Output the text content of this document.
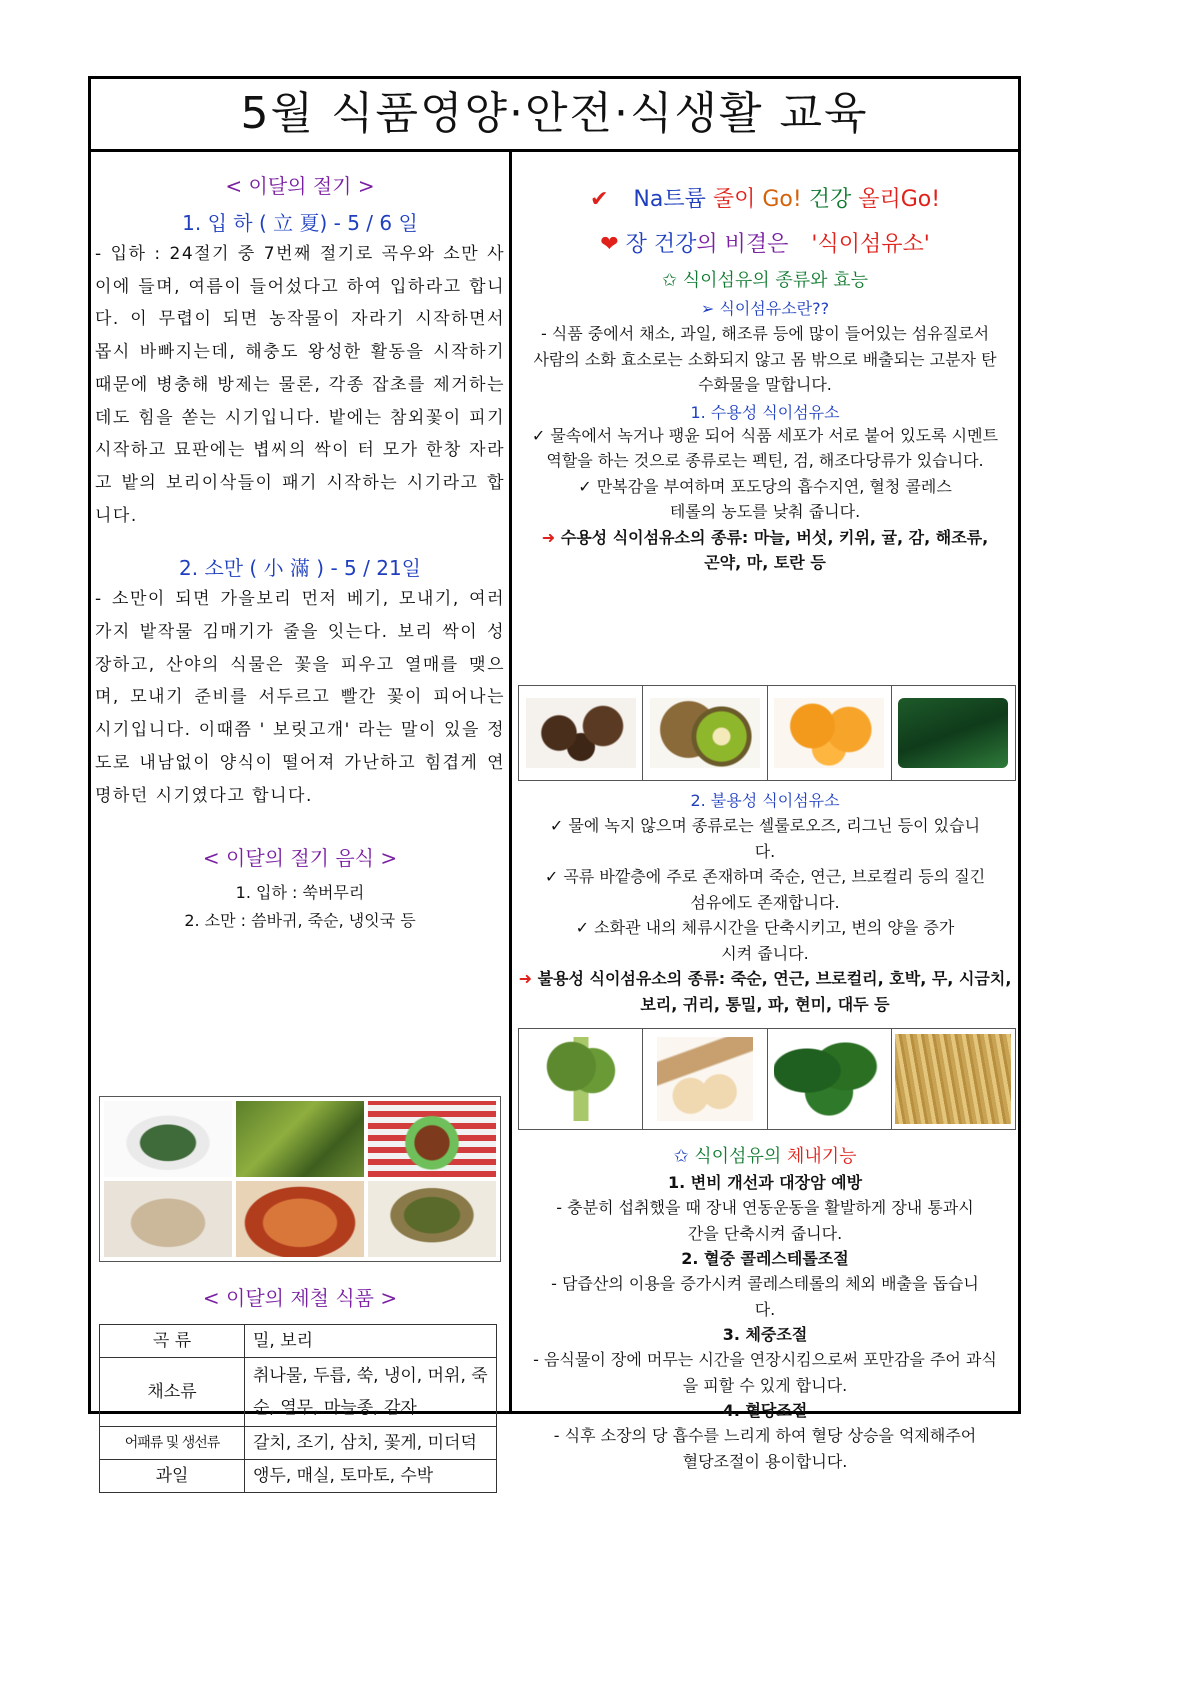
5월 식품영양·안전·식생활 교육
< 이달의 절기 >
1. 입 하 ( 立 夏) - 5 / 6 일
- 입하 : 24절기 중 7번째 절기로 곡우와 소만 사이에 들며, 여름이 들어섰다고 하여 입하라고 합니다. 이 무렵이 되면 농작물이 자라기 시작하면서 몹시 바빠지는데, 해충도 왕성한 활동을 시작하기 때문에 병충해 방제는 물론, 각종 잡초를 제거하는 데도 힘을 쏟는 시기입니다. 밭에는 참외꽃이 피기 시작하고 묘판에는 볍씨의 싹이 터 모가 한창 자라고 밭의 보리이삭들이 패기 시작하는 시기라고 합니다.
2. 소만 ( 小 滿 ) - 5 / 21일
- 소만이 되면 가을보리 먼저 베기, 모내기, 여러 가지 밭작물 김매기가 줄을 잇는다. 보리 싹이 성장하고, 산야의 식물은 꽃을 피우고 열매를 맺으며, 모내기 준비를 서두르고 빨간 꽃이 피어나는 시기입니다. 이때쯤 ' 보릿고개' 라는 말이 있을 정도로 내남없이 양식이 떨어져 가난하고 힘겹게 연명하던 시기였다고 합니다.
< 이달의 절기 음식 >
1. 입하 : 쑥버무리
2. 소만 : 씀바귀, 죽순, 냉잇국 등
< 이달의 제철 식품 >
곡 류	밀, 보리
채소류	취나물, 두릅, 쑥, 냉이, 머위, 죽순, 열무, 마늘종, 감자
어패류 및 생선류	갈치, 조기, 삼치, 꽃게, 미더덕
과일	앵두, 매실, 토마토, 수박
✔ Na트륨 줄이 Go! 건강 올리Go!
❤ 장 건강의 비결은 '식이섬유소'
✩ 식이섬유의 종류와 효능
➢ 식이섬유소란??
- 식품 중에서 채소, 과일, 해조류 등에 많이 들어있는 섬유질로서 사람의 소화 효소로는 소화되지 않고 몸 밖으로 배출되는 고분자 탄수화물을 말합니다.
1. 수용성 식이섬유소
✓ 물속에서 녹거나 팽윤 되어 식품 세포가 서로 붙어 있도록 시멘트 역할을 하는 것으로 종류로는 펙틴, 검, 해조다당류가 있습니다.
✓ 만복감을 부여하며 포도당의 흡수지연, 혈청 콜레스테롤의 농도를 낮춰 줍니다.
➜ 수용성 식이섬유소의 종류: 마늘, 버섯, 키위, 귤, 감, 해조류, 곤약, 마, 토란 등
2. 불용성 식이섬유소
✓ 물에 녹지 않으며 종류로는 셀룰로오즈, 리그닌 등이 있습니다.
✓ 곡류 바깥층에 주로 존재하며 죽순, 연근, 브로컬리 등의 질긴 섬유에도 존재합니다.
✓ 소화관 내의 체류시간을 단축시키고, 변의 양을 증가시켜 줍니다.
➜ 불용성 식이섬유소의 종류: 죽순, 연근, 브로컬리, 호박, 무, 시금치, 보리, 귀리, 통밀, 파, 현미, 대두 등
✩ 식이섬유의 체내기능
1. 변비 개선과 대장암 예방
- 충분히 섭취했을 때 장내 연동운동을 활발하게 장내 통과시간을 단축시켜 줍니다.
2. 혈중 콜레스테롤조절
- 담즙산의 이용을 증가시켜 콜레스테롤의 체외 배출을 돕습니다.
3. 체중조절
- 음식물이 장에 머무는 시간을 연장시킴으로써 포만감을 주어 과식을 피할 수 있게 합니다.
4. 혈당조절
- 식후 소장의 당 흡수를 느리게 하여 혈당 상승을 억제해주어 혈당조절이 용이합니다.
